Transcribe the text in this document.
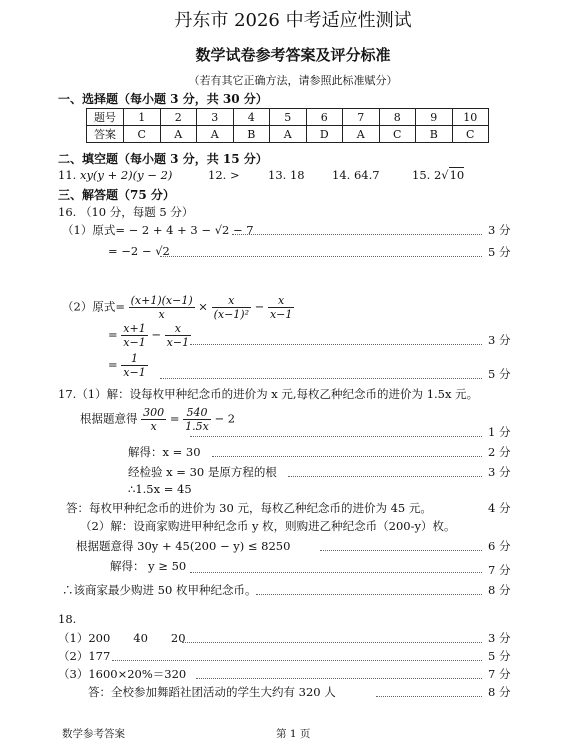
丹东市 2026 中考适应性测试
数学试卷参考答案及评分标准
（若有其它正确方法，请参照此标准赋分）
一、选择题（每小题 3 分，共 30 分）
题号	1	2	3	4	5	6	7	8	9	10
答案	C	A	A	B	A	D	A	C	B	C
二、填空题（每小题 3 分，共 15 分）
11. xy(y + 2)(y − 2)	12. > 13. 18 14. 64.7	15. 2√10
三、解答题（75 分）
16. （10 分，每题 5 分）
（1）原式= − 2 + 4 + 3 − √2 − 7	3 分
= −2 − √2	5 分
（2）原式= $\frac{(x+1)(x-1)}{x} \times \frac{x}{\text{(x−1)²}} - \frac{x}{x-1}$
= $\frac{x+1}{x-1} - \frac{x}{x-1}$	3 分
= $\frac{1}{x-1}$	5 分
17.（1）解：设每枚甲种纪念币的进价为 x 元,每枚乙种纪念币的进价为 1.5x 元。
根据题意得 $\frac{300}{x} = \frac{540}{1.5x} - 2$
1 分
解得：x = 30	2 分
经检验 x = 30 是原方程的根	3 分
∴1.5x = 45
答：每枚甲种纪念币的进价为 30 元，每枚乙种纪念币的进价为 45 元。	4 分
（2）解：设商家购进甲种纪念币 y 枚，则购进乙种纪念币（200-y）枚。
根据题意得 30y + 45(200 − y) ≤ 8250	6 分
解得： y ≥ 50	7 分
∴该商家最少购进 50 枚甲种纪念币。	8 分
18.
（1）200　　40　　20	3 分
（2）177	5 分
（3）1600×20%＝320	7 分
答：全校参加舞蹈社团活动的学生大约有 320 人	8 分
数学参考答案	第 1 页
